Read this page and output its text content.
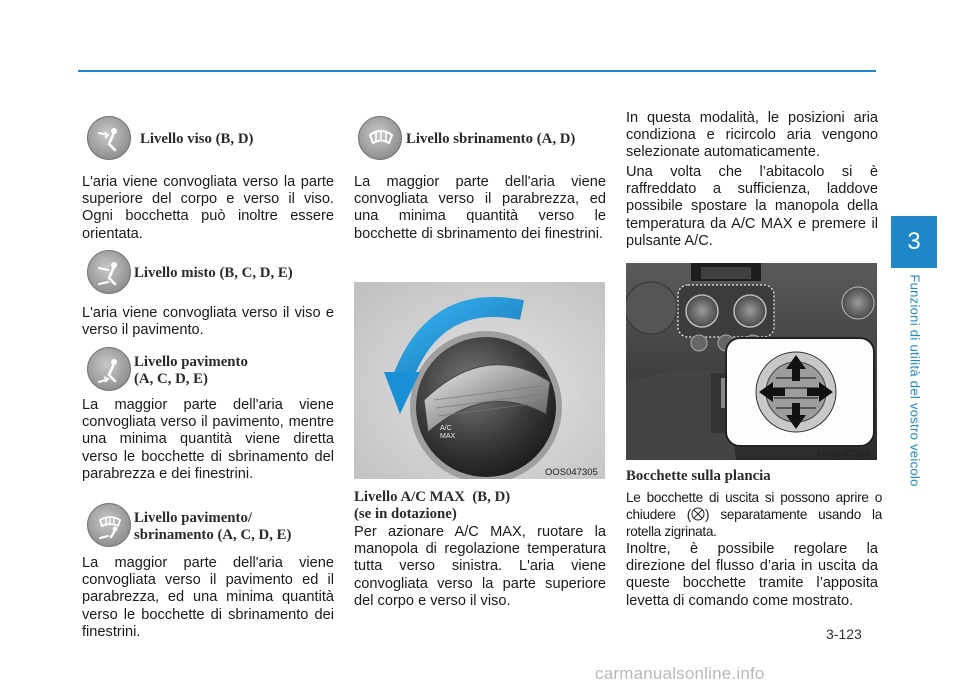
3
Funzioni di utilità del vostro veicolo
Livello viso (B, D)
L'aria viene convogliata verso la parte superiore del corpo e verso il viso. Ogni bocchetta può inoltre essere orientata.
Livello misto (B, C, D, E)
L'aria viene convogliata verso il viso e verso il pavimento.
Livello pavimento
(A, C, D, E)
La maggior parte dell'aria viene convogliata verso il pavimento, mentre una minima quantità viene diretta verso le bocchette di sbrinamento del parabrezza e dei finestrini.
Livello pavimento/
sbrinamento (A, C, D, E)
La maggior parte dell'aria viene convogliata verso il pavimento ed il parabrezza, ed una minima quantità verso le bocchette di sbrinamento dei finestrini.
Livello sbrinamento (A, D)
La maggior parte dell'aria viene convogliata verso il parabrezza, ed una minima quantità verso le bocchette di sbrinamento dei finestrini.
A/C
MAX
OOS047305
Livello A/C MAX  (B, D)
(se in dotazione)
Per azionare A/C MAX, ruotare la manopola di regolazione temperatura tutta verso sinistra. L'aria viene convogliata verso la parte superiore del corpo e verso il viso.
In questa modalità, le posizioni aria condiziona e ricircolo aria vengono selezionate automaticamente.
Una volta che l’abitacolo si è raffreddato a sufficienza, laddove possibile spostare la manopola della temperatura da A/C MAX e premere il pulsante A/C.
OOS047306
Bocchette sulla plancia
Le bocchette di uscita si possono aprire o chiudere ( ) separatamente usando la rotella zigrinata.
Inoltre, è possibile regolare la direzione del flusso d’aria in uscita da queste bocchette tramite l’apposita levetta di comando come mostrato.
3-123
carmanualsonline.info
